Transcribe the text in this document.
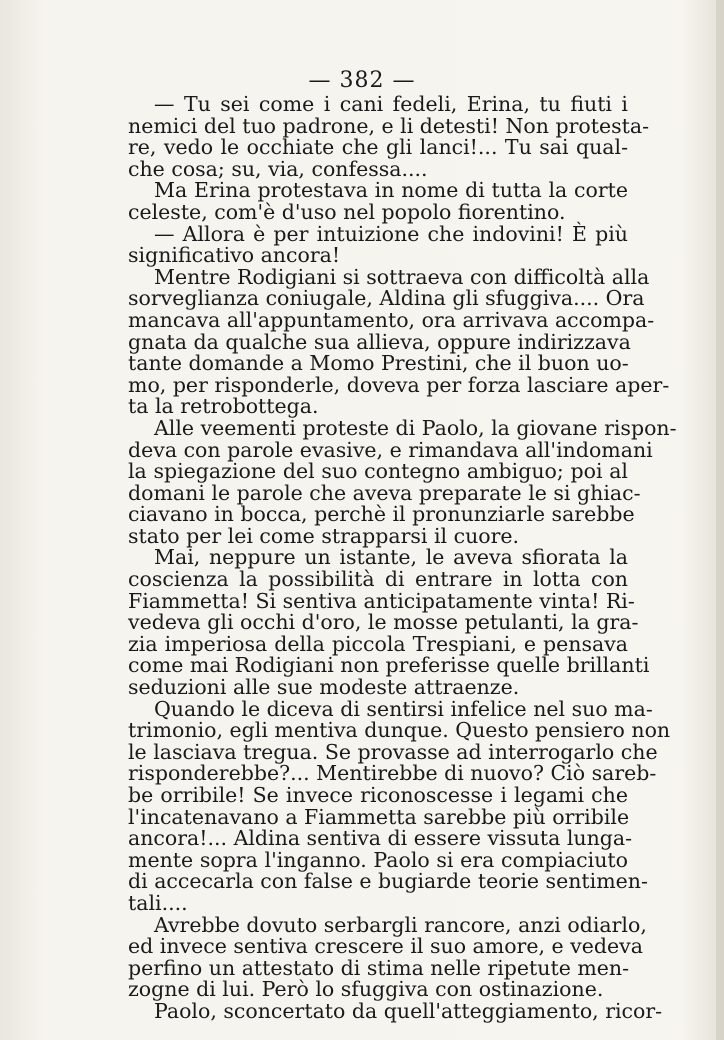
— 382 —
— Tu sei come i cani fedeli, Erina, tu fiuti i
nemici del tuo padrone, e li detesti! Non protesta-
re, vedo le occhiate che gli lanci!... Tu sai qual-
che cosa; su, via, confessa....
Ma Erina protestava in nome di tutta la corte
celeste, com'è d'uso nel popolo fiorentino.
— Allora è per intuizione che indovini! È più
significativo ancora!
Mentre Rodigiani si sottraeva con difficoltà alla
sorveglianza coniugale, Aldina gli sfuggiva.... Ora
mancava all'appuntamento, ora arrivava accompa-
gnata da qualche sua allieva, oppure indirizzava
tante domande a Momo Prestini, che il buon uo-
mo, per risponderle, doveva per forza lasciare aper-
ta la retrobottega.
Alle veementi proteste di Paolo, la giovane rispon-
deva con parole evasive, e rimandava all'indomani
la spiegazione del suo contegno ambiguo; poi al
domani le parole che aveva preparate le si ghiac-
ciavano in bocca, perchè il pronunziarle sarebbe
stato per lei come strapparsi il cuore.
Mai, neppure un istante, le aveva sfiorata la
coscienza la possibilità di entrare in lotta con
Fiammetta! Si sentiva anticipatamente vinta! Ri-
vedeva gli occhi d'oro, le mosse petulanti, la gra-
zia imperiosa della piccola Trespiani, e pensava
come mai Rodigiani non preferisse quelle brillanti
seduzioni alle sue modeste attraenze.
Quando le diceva di sentirsi infelice nel suo ma-
trimonio, egli mentiva dunque. Questo pensiero non
le lasciava tregua. Se provasse ad interrogarlo che
risponderebbe?... Mentirebbe di nuovo? Ciò sareb-
be orribile! Se invece riconoscesse i legami che
l'incatenavano a Fiammetta sarebbe più orribile
ancora!... Aldina sentiva di essere vissuta lunga-
mente sopra l'inganno. Paolo si era compiaciuto
di accecarla con false e bugiarde teorie sentimen-
tali....
Avrebbe dovuto serbargli rancore, anzi odiarlo,
ed invece sentiva crescere il suo amore, e vedeva
perfino un attestato di stima nelle ripetute men-
zogne di lui. Però lo sfuggiva con ostinazione.
Paolo, sconcertato da quell'atteggiamento, ricor-
